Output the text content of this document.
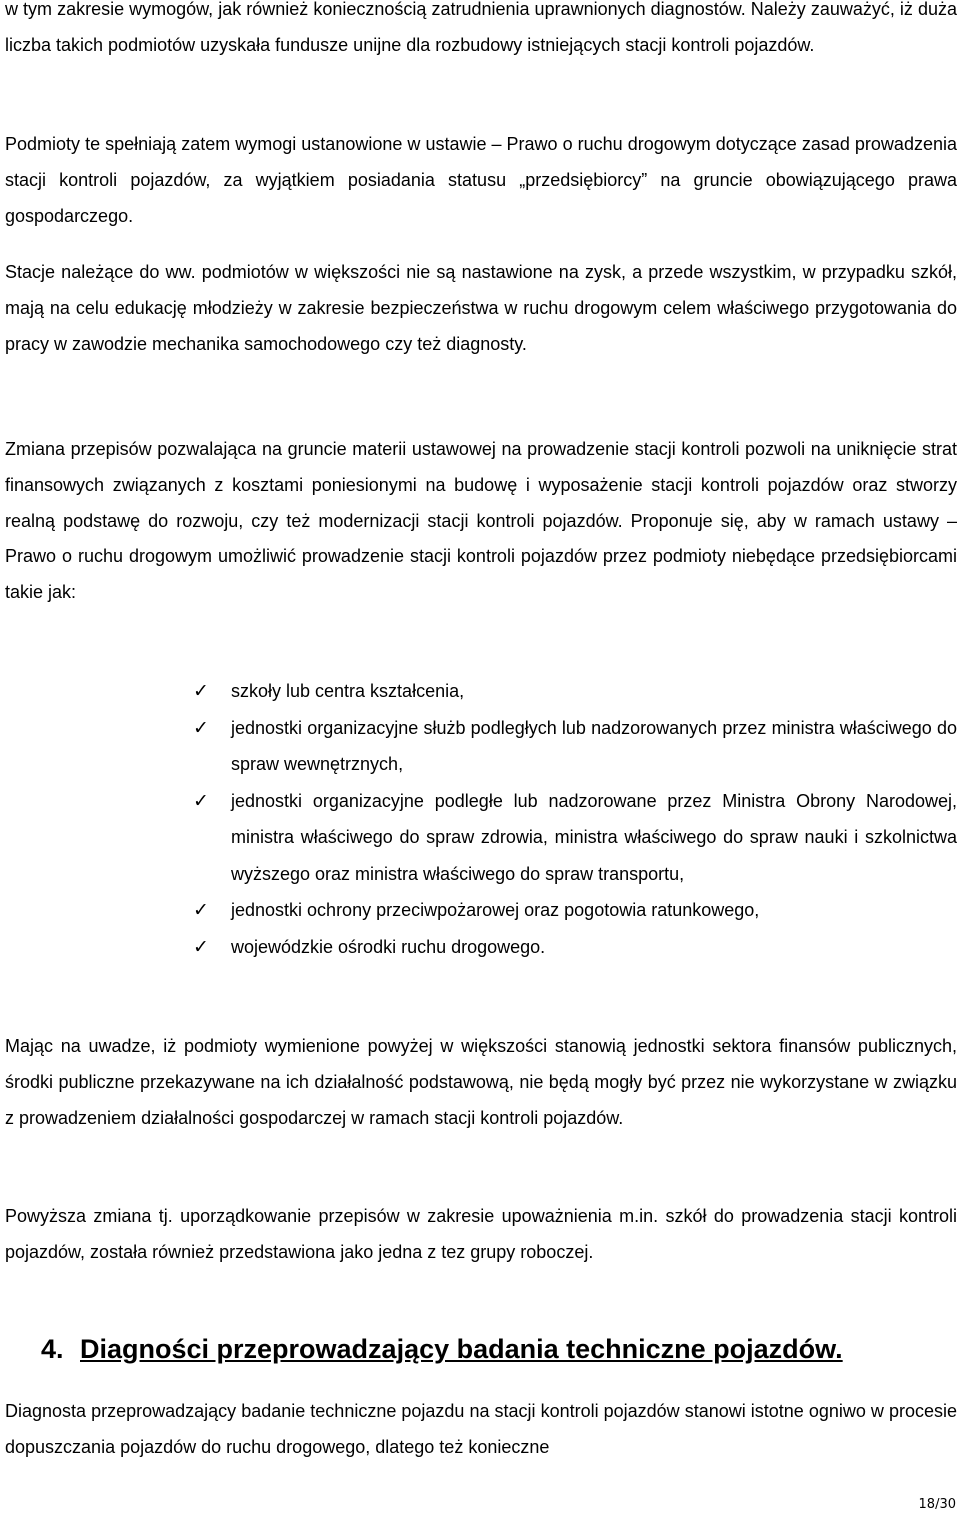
w tym zakresie wymogów, jak również koniecznością zatrudnienia uprawnionych diagnostów. Należy zauważyć, iż duża liczba takich podmiotów uzyskała fundusze unijne dla rozbudowy istniejących stacji kontroli pojazdów.

Podmioty te spełniają zatem wymogi ustanowione w ustawie – Prawo o ruchu drogowym dotyczące zasad prowadzenia stacji kontroli pojazdów, za wyjątkiem posiadania statusu „przedsiębiorcy” na gruncie obowiązującego prawa gospodarczego.

Stacje należące do ww. podmiotów w większości nie są nastawione na zysk, a przede wszystkim, w przypadku szkół, mają na celu edukację młodzieży w zakresie bezpieczeństwa w ruchu drogowym celem właściwego przygotowania do pracy w zawodzie mechanika samochodowego czy też diagnosty.

Zmiana przepisów pozwalająca na gruncie materii ustawowej na prowadzenie stacji kontroli pozwoli na uniknięcie strat finansowych związanych z kosztami poniesionymi na budowę i wyposażenie stacji kontroli pojazdów oraz stworzy realną podstawę do rozwoju, czy też modernizacji stacji kontroli pojazdów. Proponuje się, aby w ramach ustawy – Prawo o ruchu drogowym umożliwić prowadzenie stacji kontroli pojazdów przez podmioty niebędące przedsiębiorcami takie jak:

✓ szkoły lub centra kształcenia,
✓ jednostki organizacyjne służb podległych lub nadzorowanych przez ministra właściwego do spraw wewnętrznych,
✓ jednostki organizacyjne podległe lub nadzorowane przez Ministra Obrony Narodowej, ministra właściwego do spraw zdrowia, ministra właściwego do spraw nauki i szkolnictwa wyższego oraz ministra właściwego do spraw transportu,
✓ jednostki ochrony przeciwpożarowej oraz pogotowia ratunkowego,
✓ wojewódzkie ośrodki ruchu drogowego.

Mając na uwadze, iż podmioty wymienione powyżej w większości stanowią jednostki sektora finansów publicznych, środki publiczne przekazywane na ich działalność podstawową, nie będą mogły być przez nie wykorzystane w związku z prowadzeniem działalności gospodarczej w ramach stacji kontroli pojazdów.

Powyższa zmiana tj. uporządkowanie przepisów w zakresie upoważnienia m.in. szkół do prowadzenia stacji kontroli pojazdów, została również przedstawiona jako jedna z tez grupy roboczej.

4. Diagności przeprowadzający badania techniczne pojazdów.

Diagnosta przeprowadzający badanie techniczne pojazdu na stacji kontroli pojazdów stanowi istotne ogniwo w procesie dopuszczania pojazdów do ruchu drogowego, dlatego też konieczne

18/30
